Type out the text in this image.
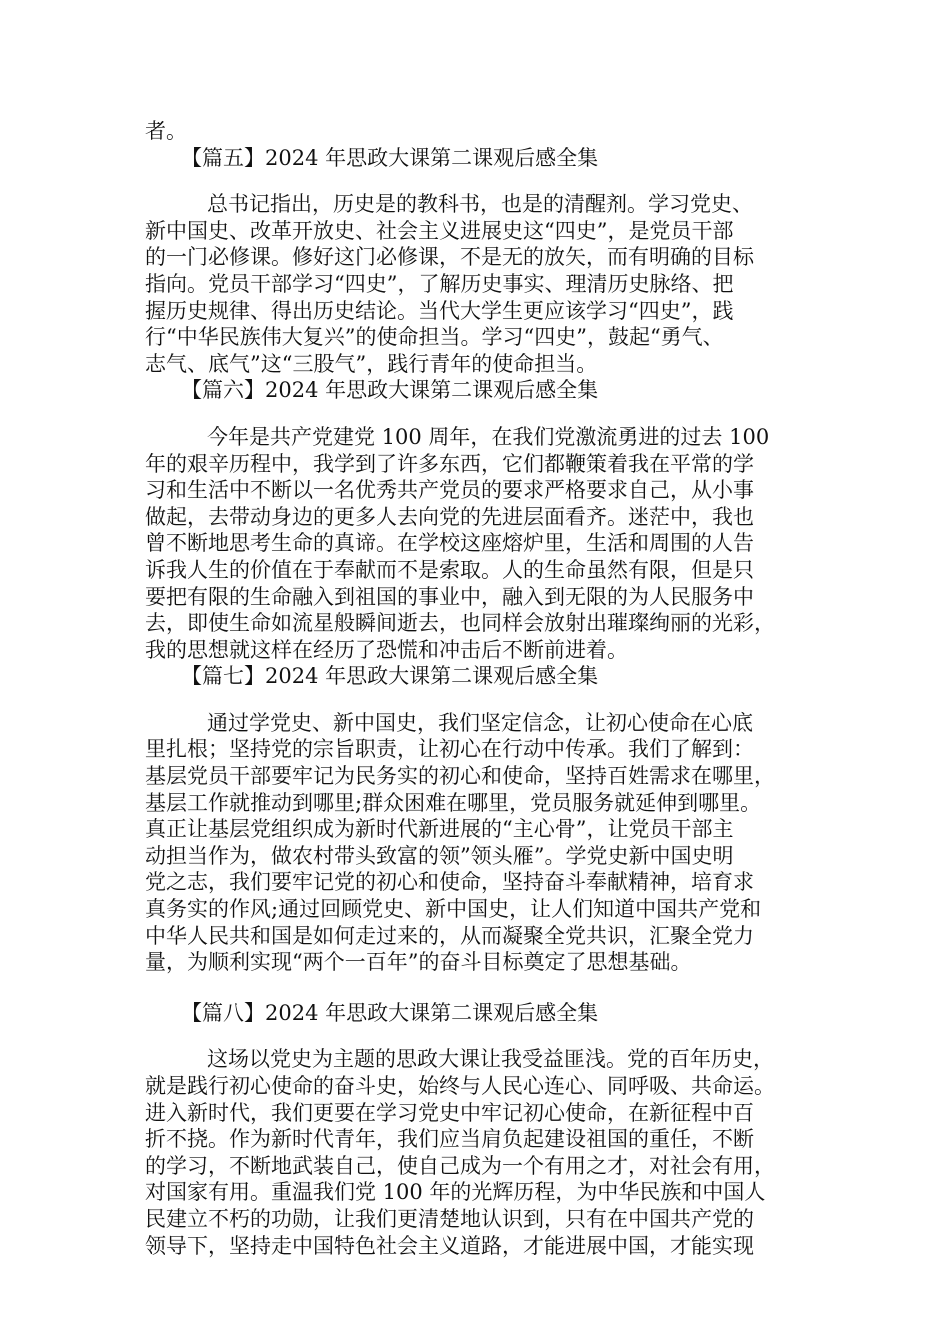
者。
【篇五】2024 年思政大课第二课观后感全集
总书记指出，历史是的教科书，也是的清醒剂。学习党史、
新中国史、改革开放史、社会主义进展史这“四史”，是党员干部
的一门必修课。修好这门必修课，不是无的放矢，而有明确的目标
指向。党员干部学习“四史”，了解历史事实、理清历史脉络、把
握历史规律、得出历史结论。当代大学生更应该学习“四史”，践
行“中华民族伟大复兴”的使命担当。学习“四史”，鼓起“勇气、
志气、底气”这“三股气”，践行青年的使命担当。
【篇六】2024 年思政大课第二课观后感全集
今年是共产党建党 100 周年，在我们党激流勇进的过去 100
年的艰辛历程中，我学到了许多东西，它们都鞭策着我在平常的学
习和生活中不断以一名优秀共产党员的要求严格要求自己，从小事
做起，去带动身边的更多人去向党的先进层面看齐。迷茫中，我也
曾不断地思考生命的真谛。在学校这座熔炉里，生活和周围的人告
诉我人生的价值在于奉献而不是索取。人的生命虽然有限，但是只
要把有限的生命融入到祖国的事业中，融入到无限的为人民服务中
去，即使生命如流星般瞬间逝去，也同样会放射出璀璨绚丽的光彩，
我的思想就这样在经历了恐慌和冲击后不断前进着。
【篇七】2024 年思政大课第二课观后感全集
通过学党史、新中国史，我们坚定信念，让初心使命在心底
里扎根；坚持党的宗旨职责，让初心在行动中传承。我们了解到：
基层党员干部要牢记为民务实的初心和使命，坚持百姓需求在哪里，
基层工作就推动到哪里;群众困难在哪里，党员服务就延伸到哪里。
真正让基层党组织成为新时代新进展的“主心骨”，让党员干部主
动担当作为，做农村带头致富的领”领头雁”。学党史新中国史明
党之志，我们要牢记党的初心和使命，坚持奋斗奉献精神，培育求
真务实的作风;通过回顾党史、新中国史，让人们知道中国共产党和
中华人民共和国是如何走过来的，从而凝聚全党共识，汇聚全党力
量，为顺利实现“两个一百年”的奋斗目标奠定了思想基础。
【篇八】2024 年思政大课第二课观后感全集
这场以党史为主题的思政大课让我受益匪浅。党的百年历史，
就是践行初心使命的奋斗史，始终与人民心连心、同呼吸、共命运。
进入新时代，我们更要在学习党史中牢记初心使命，在新征程中百
折不挠。作为新时代青年，我们应当肩负起建设祖国的重任，不断
的学习，不断地武装自己，使自己成为一个有用之才，对社会有用，
对国家有用。重温我们党 100 年的光辉历程，为中华民族和中国人
民建立不朽的功勋，让我们更清楚地认识到，只有在中国共产党的
领导下，坚持走中国特色社会主义道路，才能进展中国，才能实现
